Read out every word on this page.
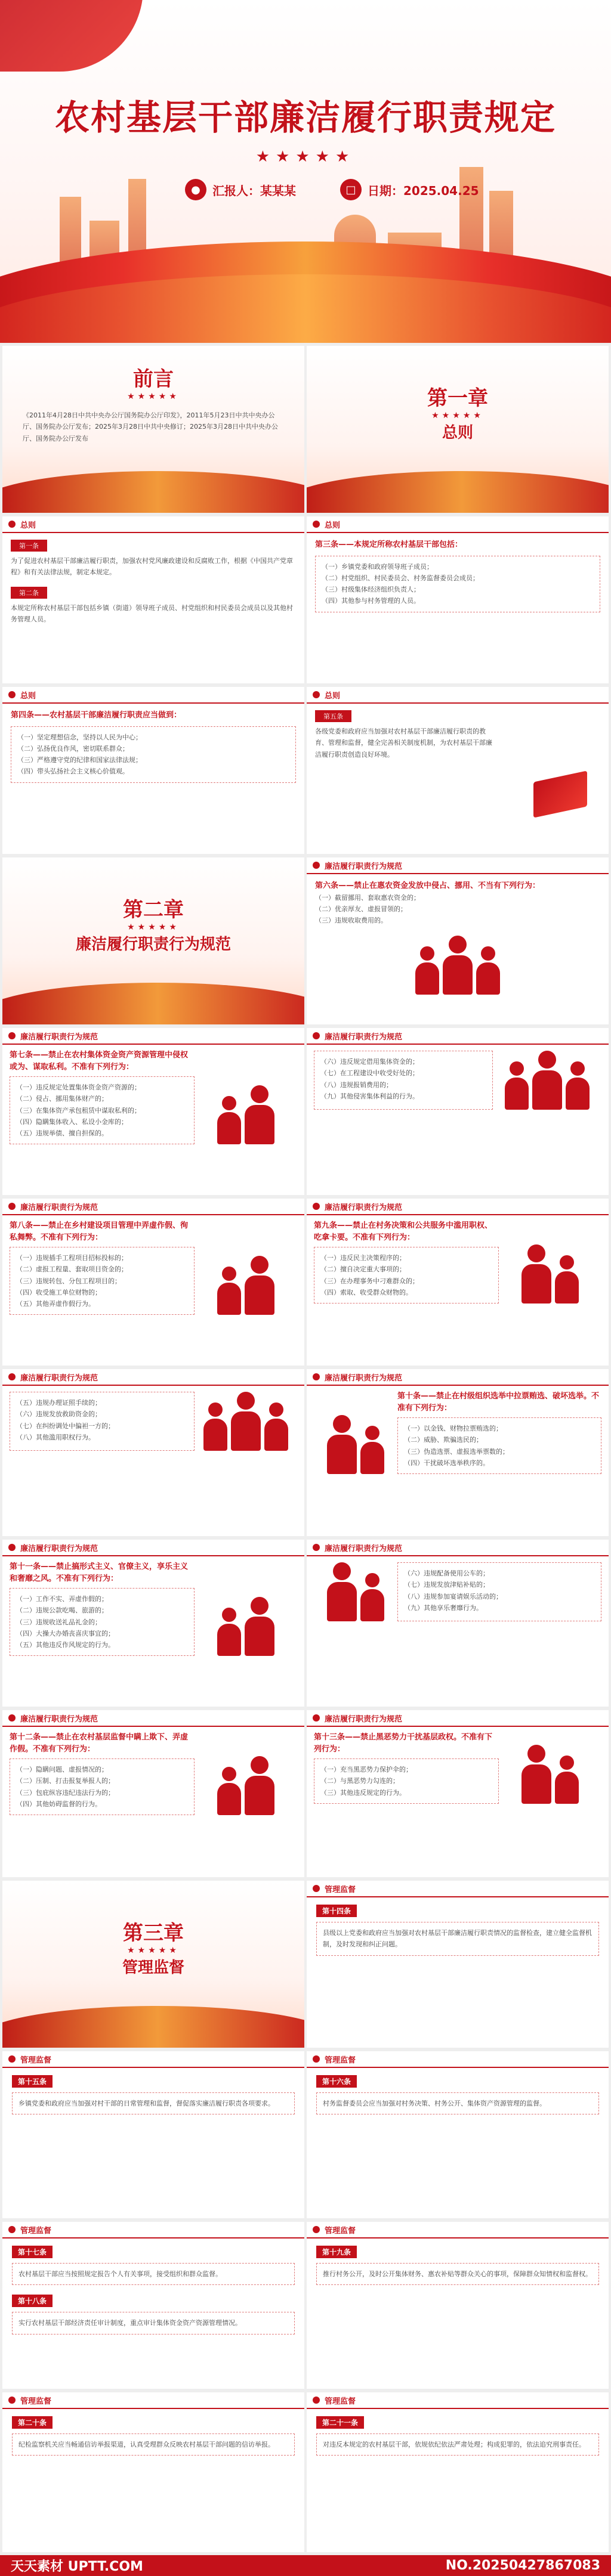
农村基层干部廉洁履行职责规定
★★★★★
●	汇报人：某某某	□ 日期：2025.04.25
前言
★★★★★

《2011年4月28日中共中央办公厅国务院办公厅印发》，2011年5月23日中共中央办公厅、国务院办公厅发布；2025年3月28日中共中央修订；2025年3月28日中共中央办公厅、国务院办公厅发布

第一章
★★★★★
总则
总则
第一条

为了促进农村基层干部廉洁履行职责，加强农村党风廉政建设和反腐败工作，根据《中国共产党章程》和有关法律法规，制定本规定。

第二条

本规定所称农村基层干部包括乡镇（街道）领导班子成员、村党组织和村民委员会成员以及其他村务管理人员。

总则
第三条——本规定所称农村基层干部包括：
（一）乡镇党委和政府领导班子成员；
（二）村党组织、村民委员会、村务监督委员会成员；
（三）村级集体经济组织负责人；
（四）其他参与村务管理的人员。
总则
第四条——农村基层干部廉洁履行职责应当做到：
（一）坚定理想信念，坚持以人民为中心；
（二）弘扬优良作风，密切联系群众；
（三）严格遵守党的纪律和国家法律法规；
（四）带头弘扬社会主义核心价值观。
总则
第五条

各级党委和政府应当加强对农村基层干部廉洁履行职责的教育、管理和监督，健全完善相关制度机制，为农村基层干部廉洁履行职责创造良好环境。

第二章
★★★★★
廉洁履行职责行为规范
廉洁履行职责行为规范
第六条——禁止在惠农资金发放中侵占、挪用、不当有下列行为：
（一）截留挪用、套取惠农资金的；
（二）优亲厚友、虚报冒领的；
（三）违规收取费用的。
廉洁履行职责行为规范
第七条——禁止在农村集体资金资产资源管理中侵权或为、谋取私利。不准有下列行为：
（一）违反规定处置集体资金资产资源的；
（二）侵占、挪用集体财产的；
（三）在集体资产承包租赁中谋取私利的；
（四）隐瞒集体收入、私设小金库的；
（五）违规举债、擅自担保的。
廉洁履行职责行为规范
（六）违反规定借用集体资金的；
（七）在工程建设中收受好处的；
（八）违规报销费用的；
（九）其他侵害集体利益的行为。
廉洁履行职责行为规范
第八条——禁止在乡村建设项目管理中弄虚作假、徇私舞弊。不准有下列行为：
（一）违规插手工程项目招标投标的；
（二）虚报工程量、套取项目资金的；
（三）违规转包、分包工程项目的；
（四）收受施工单位财物的；
（五）其他弄虚作假行为。
廉洁履行职责行为规范
第九条——禁止在村务决策和公共服务中滥用职权、吃拿卡要。不准有下列行为：
（一）违反民主决策程序的；
（二）擅自决定重大事项的；
（三）在办理事务中刁难群众的；
（四）索取、收受群众财物的。
廉洁履行职责行为规范
（五）违规办理证照手续的；
（六）违规发放救助资金的；
（七）在纠纷调处中偏袒一方的；
（八）其他滥用职权行为。
廉洁履行职责行为规范
第十条——禁止在村级组织选举中拉票贿选、破坏选举。不准有下列行为：
（一）以金钱、财物拉票贿选的；
（二）威胁、欺骗选民的；
（三）伪造选票、虚报选举票数的；
（四）干扰破坏选举秩序的。
廉洁履行职责行为规范
第十一条——禁止搞形式主义、官僚主义，享乐主义和奢靡之风。不准有下列行为：
（一）工作不实、弄虚作假的；
（二）违规公款吃喝、旅游的；
（三）违规收送礼品礼金的；
（四）大操大办婚丧喜庆事宜的；
（五）其他违反作风规定的行为。
廉洁履行职责行为规范
（六）违规配备使用公车的；
（七）违规发放津贴补贴的；
（八）违规参加宴请娱乐活动的；
（九）其他享乐奢靡行为。
廉洁履行职责行为规范
第十二条——禁止在农村基层监督中瞒上欺下、弄虚作假。不准有下列行为：
（一）隐瞒问题、虚报情况的；
（二）压制、打击报复举报人的；
（三）包庇纵容违纪违法行为的；
（四）其他妨碍监督的行为。
廉洁履行职责行为规范
第十三条——禁止黑恶势力干扰基层政权。不准有下列行为：
（一）充当黑恶势力保护伞的；
（二）与黑恶势力勾连的；
（三）其他违反规定的行为。
第三章
★★★★★
管理监督
管理监督
第十四条

县级以上党委和政府应当加强对农村基层干部廉洁履行职责情况的监督检查，建立健全监督机制，及时发现和纠正问题。

管理监督
第十五条

乡镇党委和政府应当加强对村干部的日常管理和监督，督促落实廉洁履行职责各项要求。

管理监督
第十六条

村务监督委员会应当加强对村务决策、村务公开、集体资产资源管理的监督。

管理监督
第十七条

农村基层干部应当按照规定报告个人有关事项，接受组织和群众监督。

第十八条

实行农村基层干部经济责任审计制度，重点审计集体资金资产资源管理情况。

管理监督
第十九条

推行村务公开，及时公开集体财务、惠农补贴等群众关心的事项，保障群众知情权和监督权。

管理监督
第二十条

纪检监察机关应当畅通信访举报渠道，认真受理群众反映农村基层干部问题的信访举报。

管理监督
第二十一条

对违反本规定的农村基层干部，依规依纪依法严肃处理；构成犯罪的，依法追究刑事责任。

天天素材 UPTT.COM	NO.20250427867083
